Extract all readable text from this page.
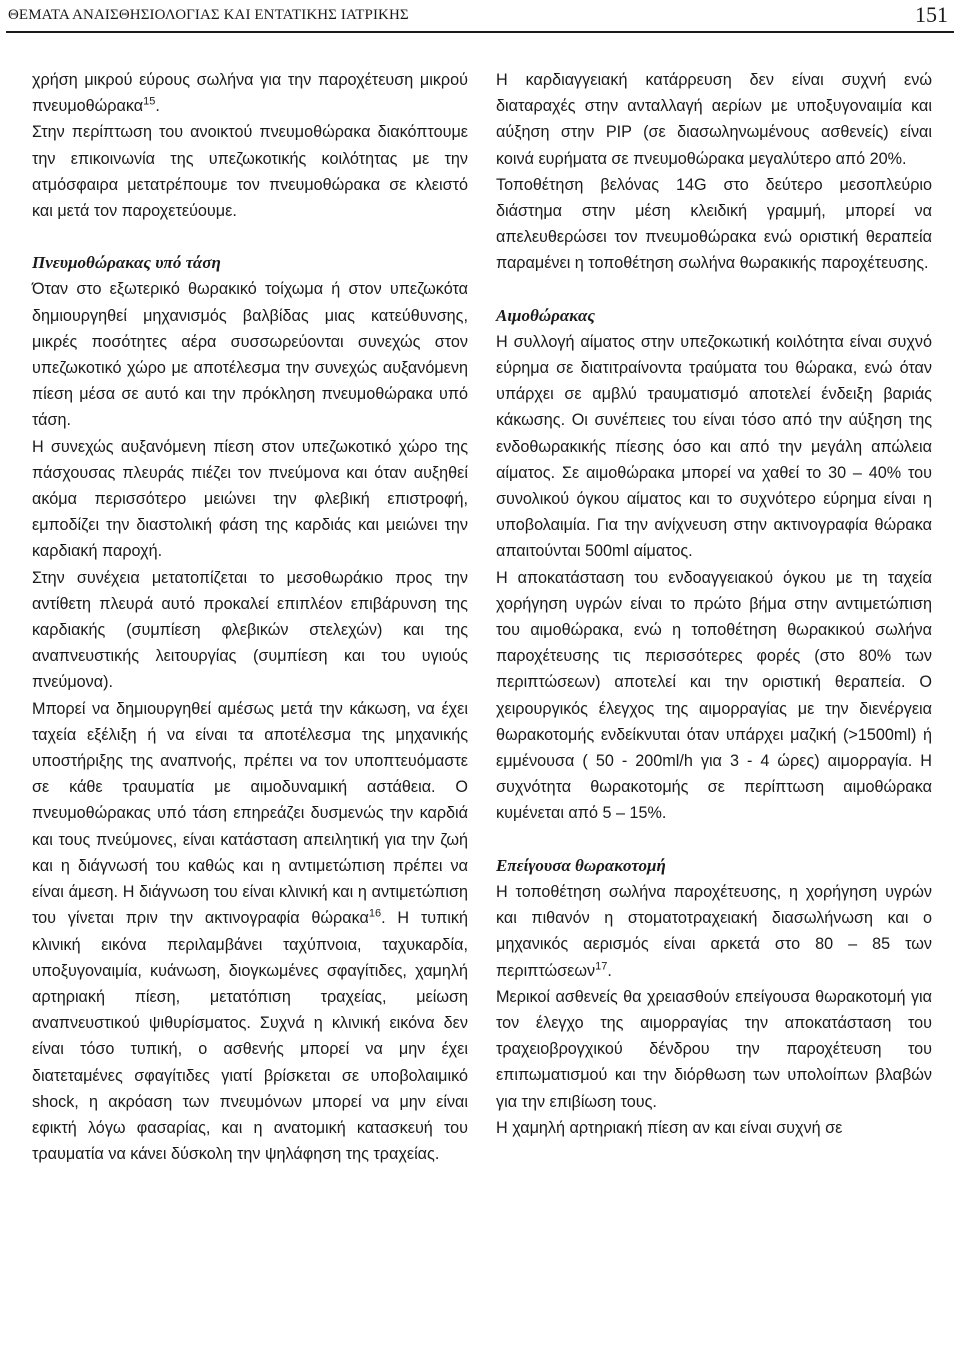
ΘΕΜΑΤΑ ΑΝΑΙΣΘΗΣΙΟΛΟΓΙΑΣ ΚΑΙ ΕΝΤΑΤΙΚΗΣ ΙΑΤΡΙΚΗΣ	151

χρήση μικρού εύρους σωλήνα για την παροχέτευση μικρού πνευμοθώρακα$^{15}$.

Στην περίπτωση του ανοικτού πνευμοθώρακα διακόπτουμε την επικοινωνία της υπεζωκοτικής κοιλότητας με την ατμόσφαιρα μετατρέπουμε τον πνευμοθώρακα σε κλειστό και μετά τον παροχετεύουμε.

Πνευμοθώρακας υπό τάση

Όταν στο εξωτερικό θωρακικό τοίχωμα ή στον υπεζωκότα δημιουργηθεί μηχανισμός βαλβίδας μιας κατεύθυνσης, μικρές ποσότητες αέρα συσσωρεύονται συνεχώς στον υπεζωκοτικό χώρο με αποτέλεσμα την συνεχώς αυξανόμενη πίεση μέσα σε αυτό και την πρόκληση πνευμοθώρακα υπό τάση.

Η συνεχώς αυξανόμενη πίεση στον υπεζωκοτικό χώρο της πάσχουσας πλευράς πιέζει τον πνεύμονα και όταν αυξηθεί ακόμα περισσότερο μειώνει την φλεβική επιστροφή, εμποδίζει την διαστολική φάση της καρδιάς και μειώνει την καρδιακή παροχή.

Στην συνέχεια μετατοπίζεται το μεσοθωράκιο προς την αντίθετη πλευρά αυτό προκαλεί επιπλέον επιβάρυνση της καρδιακής (συμπίεση φλεβικών στελεχών) και της αναπνευστικής λειτουργίας (συμπίεση και του υγιούς πνεύμονα).

Μπορεί να δημιουργηθεί αμέσως μετά την κάκωση, να έχει ταχεία εξέλιξη ή να είναι τα αποτέλεσμα της μηχανικής υποστήριξης της αναπνοής, πρέπει να τον υποπτευόμαστε σε κάθε τραυματία με αιμοδυναμική αστάθεια. Ο πνευμοθώρακας υπό τάση επηρεάζει δυσμενώς την καρδιά και τους πνεύμονες, είναι κατάσταση απειλητική για την ζωή και η διάγνωσή του καθώς και η αντιμετώπιση πρέπει να είναι άμεση. Η διάγνωση του είναι κλινική και η αντιμετώπιση του γίνεται πριν την ακτινογραφία θώρακα$^{16}$. Η τυπική κλινική εικόνα περιλαμβάνει ταχύπνοια, ταχυκαρδία, υποξυγοναιμία, κυάνωση, διογκωμένες σφαγίτιδες, χαμηλή αρτηριακή πίεση, μετατόπιση τραχείας, μείωση αναπνευστικού ψιθυρίσματος. Συχνά η κλινική εικόνα δεν είναι τόσο τυπική, ο ασθενής μπορεί να μην έχει διατεταμένες σφαγίτιδες γιατί βρίσκεται σε υποβολαιμικό shock, η ακρόαση των πνευμόνων μπορεί να μην είναι εφικτή λόγω φασαρίας, και η ανατομική κατασκευή του τραυματία να κάνει δύσκολη την ψηλάφηση της τραχείας.

Η καρδιαγγειακή κατάρρευση δεν είναι συχνή ενώ διαταραχές στην ανταλλαγή αερίων με υποξυγοναιμία και αύξηση στην PIP (σε διασωληνωμένους ασθενείς) είναι κοινά ευρήματα σε πνευμοθώρακα μεγαλύτερο από 20%.

Τοποθέτηση βελόνας 14G στο δεύτερο μεσοπλεύριο διάστημα στην μέση κλειδική γραμμή, μπορεί να απελευθερώσει τον πνευμοθώρακα ενώ οριστική θεραπεία παραμένει η τοποθέτηση σωλήνα θωρακικής παροχέτευσης.

Αιμοθώρακας

Η συλλογή αίματος στην υπεζοκωτική κοιλότητα είναι συχνό εύρημα σε διατιτραίνοντα τραύματα του θώρακα, ενώ όταν υπάρχει σε αμβλύ τραυματισμό αποτελεί ένδειξη βαριάς κάκωσης. Οι συνέπειες του είναι τόσο από την αύξηση της ενδοθωρακικής πίεσης όσο και από την μεγάλη απώλεια αίματος. Σε αιμοθώρακα μπορεί να χαθεί το 30 – 40% του συνολικού όγκου αίματος και το συχνότερο εύρημα είναι η υποβολαιμία. Για την ανίχνευση στην ακτινογραφία θώρακα απαιτούνται 500ml αίματος.

Η αποκατάσταση του ενδοαγγειακού όγκου με τη ταχεία χορήγηση υγρών είναι το πρώτο βήμα στην αντιμετώπιση του αιμοθώρακα, ενώ η τοποθέτηση θωρακικού σωλήνα παροχέτευσης τις περισσότερες φορές (στο 80% των περιπτώσεων) αποτελεί και την οριστική θεραπεία. Ο χειρουργικός έλεγχος της αιμορραγίας με την διενέργεια θωρακοτομής ενδείκνυται όταν υπάρχει μαζική (>1500ml) ή εμμένουσα ( 50 - 200ml/h για 3 - 4 ώρες) αιμορραγία. Η συχνότητα θωρακοτομής σε περίπτωση αιμοθώρακα κυμένεται από 5 – 15%.

Επείγουσα θωρακοτομή

Η τοποθέτηση σωλήνα παροχέτευσης, η χορήγηση υγρών και πιθανόν η στοματοτραχειακή διασωλήνωση και ο μηχανικός αερισμός είναι αρκετά στο 80 – 85 των περιπτώσεων$^{17}$.

Μερικοί ασθενείς θα χρειασθούν επείγουσα θωρακοτομή για τον έλεγχο της αιμορραγίας την αποκατάσταση του τραχειοβρογχικού δένδρου την παροχέτευση του επιπωματισμού και την διόρθωση των υπολοίπων βλαβών για την επιβίωση τους.

Η χαμηλή αρτηριακή πίεση αν και είναι συχνή σε
